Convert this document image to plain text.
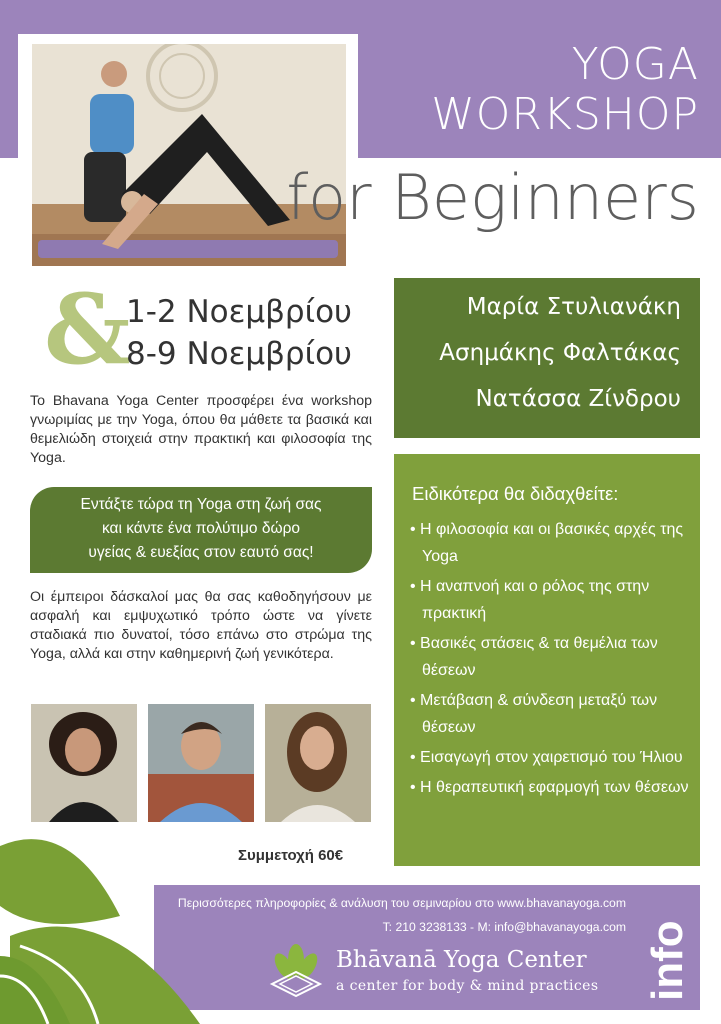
YOGA
WORKSHOP
for Beginners
&
1-2 Νοεμβρίου
8-9 Νοεμβρίου
Μαρία Στυλιανάκη
Ασημάκης Φαλτάκας
Νατάσσα Ζίνδρου
Το Bhavana Yoga Center προσφέρει ένα workshop γνωριμίας με την Yoga, όπου θα μάθετε τα βασικά και θεμελιώδη στοιχειά στην πρακτική και φιλοσοφία της Yoga.
Εντάξτε τώρα τη Yoga στη ζωή σας
και κάντε ένα πολύτιμο δώρο
υγείας & ευεξίας στον εαυτό σας!
Οι έμπειροι δάσκαλοί μας θα σας καθοδηγήσουν με ασφαλή και εμψυχωτικό τρόπο ώστε να γίνετε σταδιακά πιο δυνατοί, τόσο επάνω στο στρώμα της Yoga, αλλά και στην καθημερινή ζωή γενικότερα.
Ειδικότερα θα διδαχθείτε:
• Η φιλοσοφία και οι βασικές αρχές της Yoga
• Η αναπνοή και ο ρόλος της στην πρακτική
• Βασικές στάσεις & τα θεμέλια των θέσεων
• Μετάβαση & σύνδεση μεταξύ των θέσεων
• Εισαγωγή στον χαιρετισμό του Ήλιου
• Η θεραπευτική εφαρμογή των θέσεων
Συμμετοχή 60€
Περισσότερες πληροφορίες & ανάλυση του σεμιναρίου στο www.bhavanayoga.com
Τ: 210 3238133 - M: info@bhavanayoga.com
Bhāvanā Yoga Center
a center for body & mind practices info
